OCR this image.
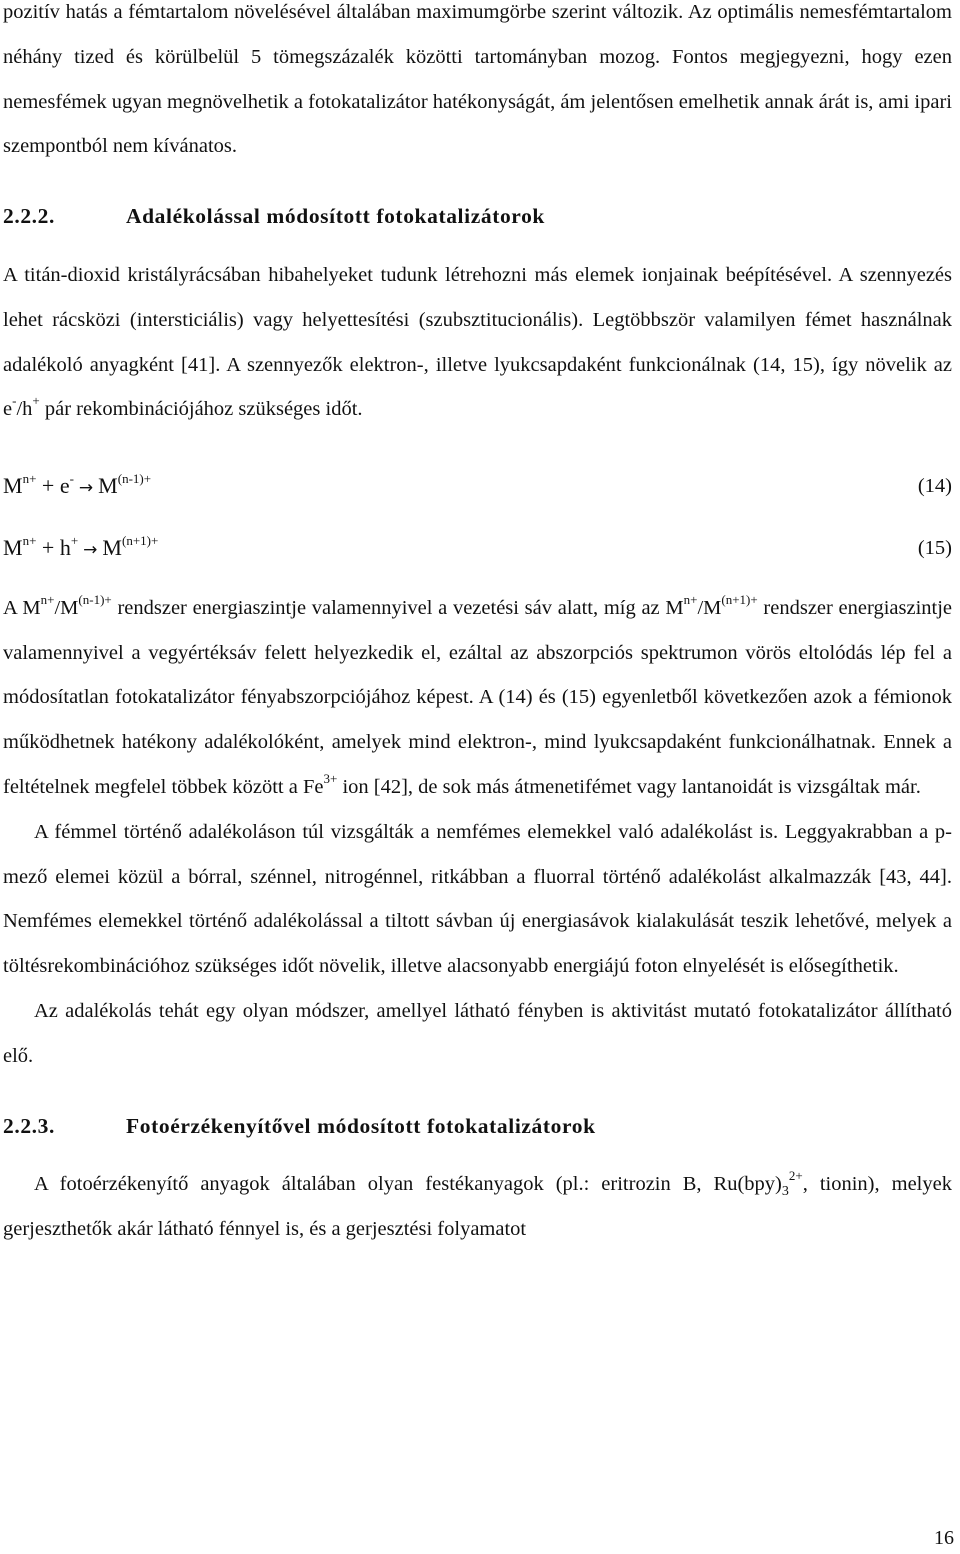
pozitív hatás a fémtartalom növelésével általában maximumgörbe szerint változik. Az optimális nemesfémtartalom néhány tized és körülbelül 5 tömegszázalék közötti tartományban mozog. Fontos megjegyezni, hogy ezen nemesfémek ugyan megnövelhetik a fotokatalizátor hatékonyságát, ám jelentősen emelhetik annak árát is, ami ipari szempontból nem kívánatos.

2.2.2.	Adalékolással módosított fotokatalizátorok

A titán-dioxid kristályrácsában hibahelyeket tudunk létrehozni más elemek ionjainak beépítésével. A szennyezés lehet rácsközi (intersticiális) vagy helyettesítési (szubsztitucionális). Legtöbbször valamilyen fémet használnak adalékoló anyagként [41]. A szennyezők elektron-, illetve lyukcsapdaként funkcionálnak (14, 15), így növelik az e-/h+ pár rekombinációjához szükséges időt.

$M^{n+} + e^- \to M^{(n-1)+}$	(14)
$M^{n+} + h^+ \to M^{(n+1)+}$	(15)

A $M^{n+}/M^{(n-1)+}$ rendszer energiaszintje valamennyivel a vezetési sáv alatt, míg az $M^{n+}/M^{(n+1)+}$ rendszer energiaszintje valamennyivel a vegyértéksáv felett helyezkedik el, ezáltal az abszorpciós spektrumon vörös eltolódás lép fel a módosítatlan fotokatalizátor fényabszorpciójához képest. A (14) és (15) egyenletből következően azok a fémionok működhetnek hatékony adalékolóként, amelyek mind elektron-, mind lyukcsapdaként funkcionálhatnak. Ennek a feltételnek megfelel többek között a $Fe^{3+}$ ion [42], de sok más átmenetifémet vagy lantanoidát is vizsgáltak már.

A fémmel történő adalékoláson túl vizsgálták a nemfémes elemekkel való adalékolást is. Leggyakrabban a p-mező elemei közül a bórral, szénnel, nitrogénnel, ritkábban a fluorral történő adalékolást alkalmazzák [43, 44]. Nemfémes elemekkel történő adalékolással a tiltott sávban új energiasávok kialakulását teszik lehetővé, melyek a töltésrekombinációhoz szükséges időt növelik, illetve alacsonyabb energiájú foton elnyelését is elősegíthetik.

Az adalékolás tehát egy olyan módszer, amellyel látható fényben is aktivitást mutató fotokatalizátor állítható elő.

2.2.3.	Fotoérzékenyítővel módosított fotokatalizátorok

A fotoérzékenyítő anyagok általában olyan festékanyagok (pl.: eritrozin B, $Ru(bpy)_3^{2+}$, tionin), melyek gerjeszthetők akár látható fénnyel is, és a gerjesztési folyamatot

16
